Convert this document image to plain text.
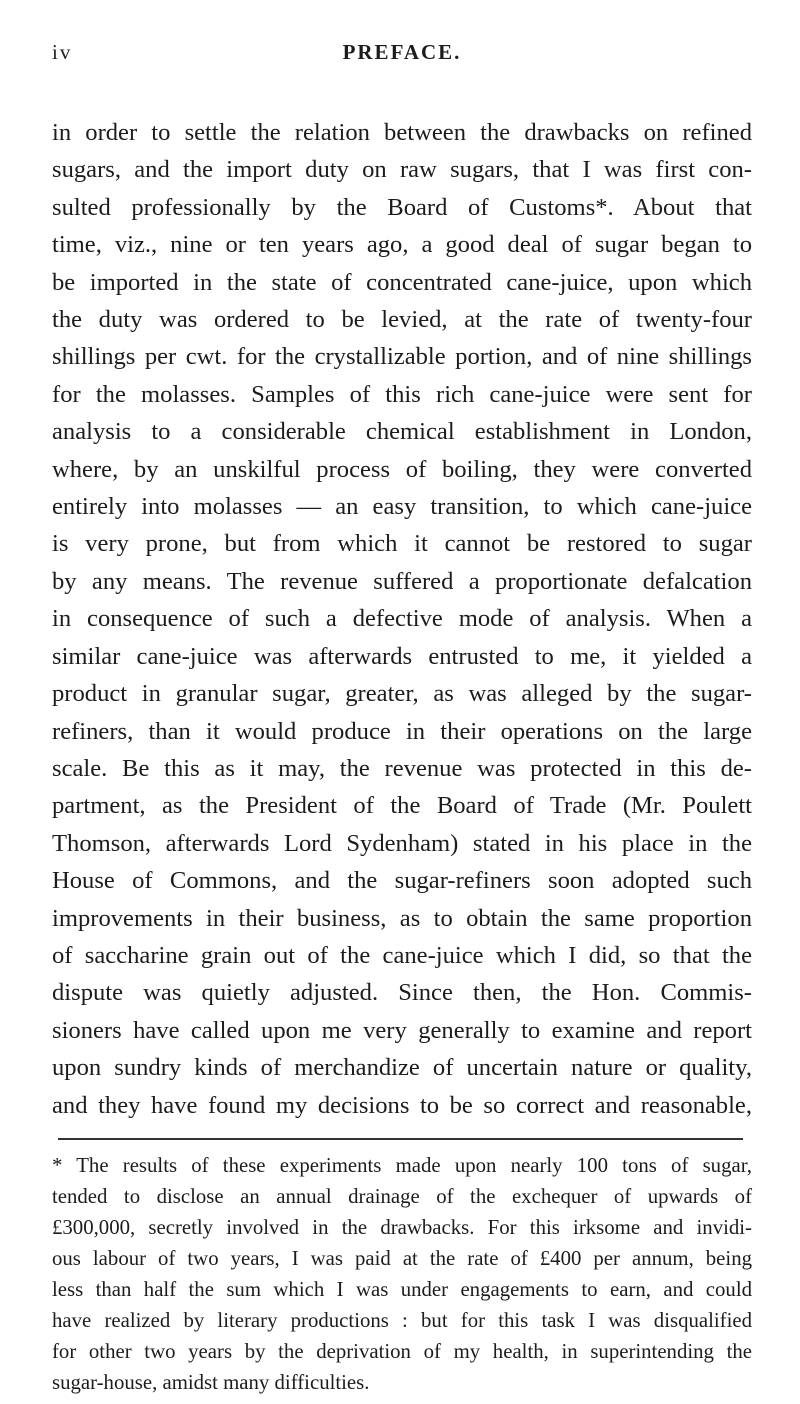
iv	PREFACE.
in order to settle the relation between the drawbacks on refined
sugars, and the import duty on raw sugars, that I was first con-
sulted professionally by the Board of Customs*. About that
time, viz., nine or ten years ago, a good deal of sugar began to
be imported in the state of concentrated cane-juice, upon which
the duty was ordered to be levied, at the rate of twenty-four
shillings per cwt. for the crystallizable portion, and of nine shillings
for the molasses. Samples of this rich cane-juice were sent for
analysis to a considerable chemical establishment in London,
where, by an unskilful process of boiling, they were converted
entirely into molasses — an easy transition, to which cane-juice
is very prone, but from which it cannot be restored to sugar
by any means. The revenue suffered a proportionate defalcation
in consequence of such a defective mode of analysis. When a
similar cane-juice was afterwards entrusted to me, it yielded a
product in granular sugar, greater, as was alleged by the sugar-
refiners, than it would produce in their operations on the large
scale. Be this as it may, the revenue was protected in this de-
partment, as the President of the Board of Trade (Mr. Poulett
Thomson, afterwards Lord Sydenham) stated in his place in the
House of Commons, and the sugar-refiners soon adopted such
improvements in their business, as to obtain the same proportion
of saccharine grain out of the cane-juice which I did, so that the
dispute was quietly adjusted. Since then, the Hon. Commis-
sioners have called upon me very generally to examine and report
upon sundry kinds of merchandize of uncertain nature or quality,
and they have found my decisions to be so correct and reasonable,
* The results of these experiments made upon nearly 100 tons of sugar,
tended to disclose an annual drainage of the exchequer of upwards of
£300,000, secretly involved in the drawbacks. For this irksome and invidi-
ous labour of two years, I was paid at the rate of £400 per annum, being
less than half the sum which I was under engagements to earn, and could
have realized by literary productions : but for this task I was disqualified
for other two years by the deprivation of my health, in superintending the
sugar-house, amidst many difficulties.
